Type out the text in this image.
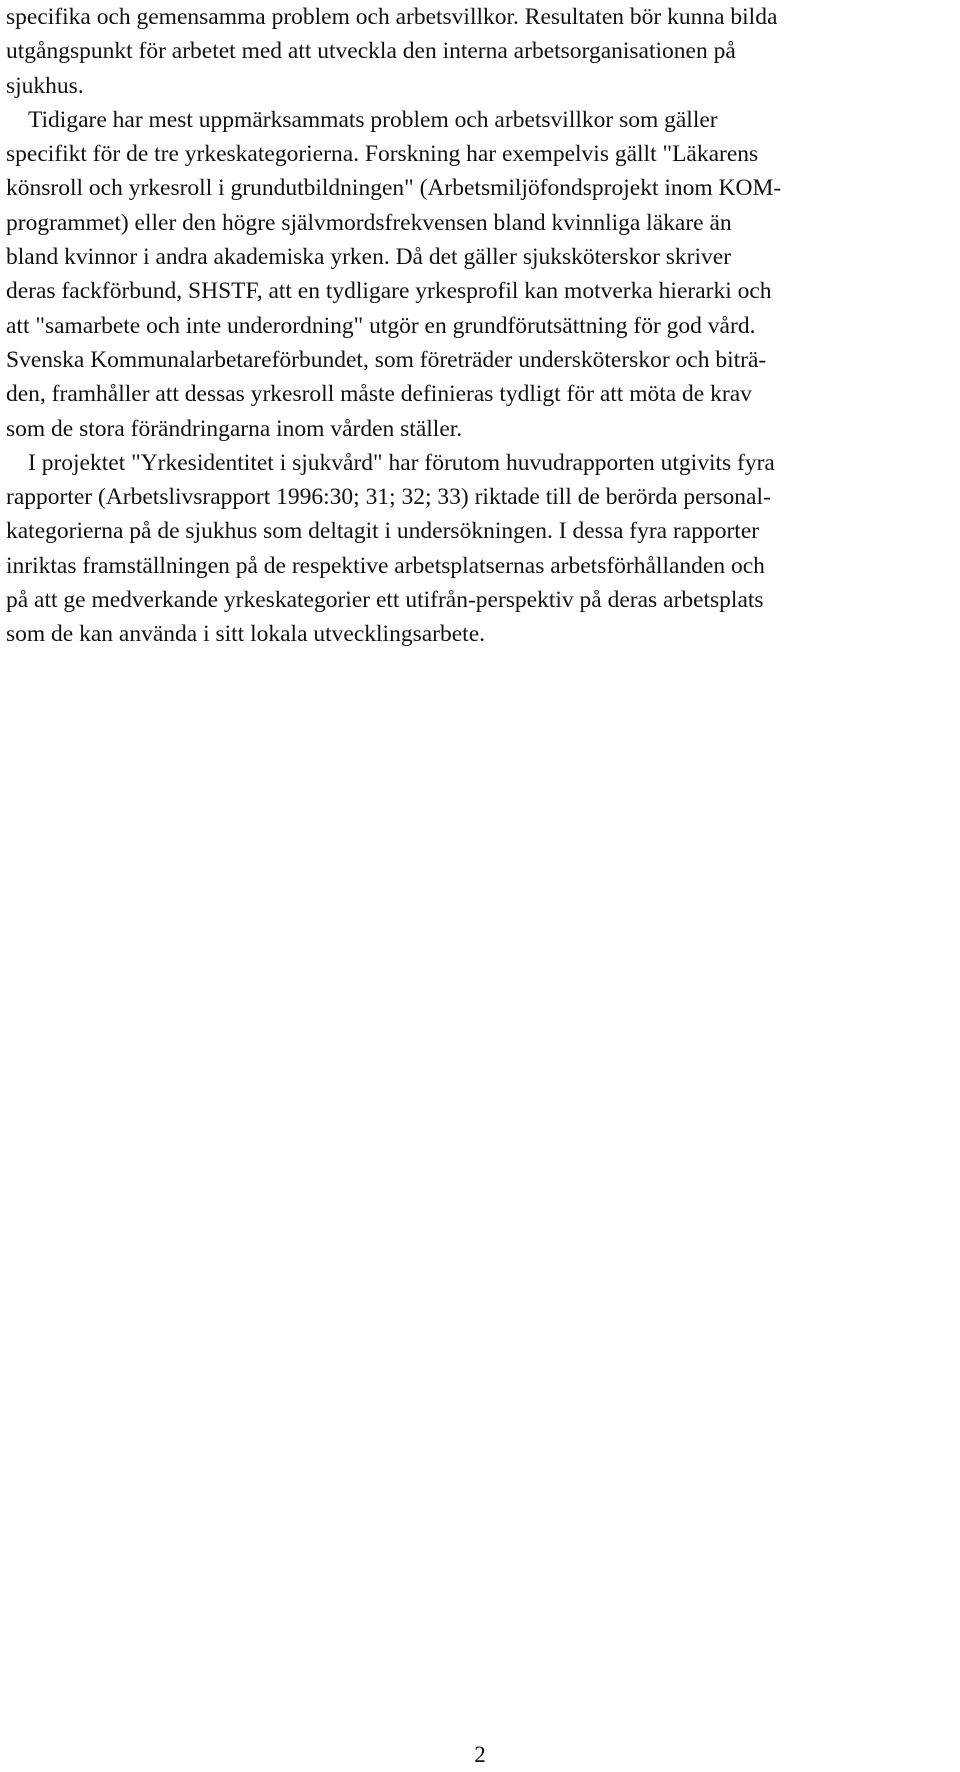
specifika och gemensamma problem och arbetsvillkor. Resultaten bör kunna bilda
utgångspunkt för arbetet med att utveckla den interna arbetsorganisationen på
sjukhus.
Tidigare har mest uppmärksammats problem och arbetsvillkor som gäller
specifikt för de tre yrkeskategorierna. Forskning har exempelvis gällt "Läkarens
könsroll och yrkesroll i grundutbildningen" (Arbetsmiljöfondsprojekt inom KOM-
programmet) eller den högre självmordsfrekvensen bland kvinnliga läkare än
bland kvinnor i andra akademiska yrken. Då det gäller sjuksköterskor skriver
deras fackförbund, SHSTF, att en tydligare yrkesprofil kan motverka hierarki och
att "samarbete och inte underordning" utgör en grundförutsättning för god vård.
Svenska Kommunalarbetareförbundet, som företräder undersköterskor och biträ-
den, framhåller att dessas yrkesroll måste definieras tydligt för att möta de krav
som de stora förändringarna inom vården ställer.
I projektet "Yrkesidentitet i sjukvård" har förutom huvudrapporten utgivits fyra
rapporter (Arbetslivsrapport 1996:30; 31; 32; 33) riktade till de berörda personal-
kategorierna på de sjukhus som deltagit i undersökningen. I dessa fyra rapporter
inriktas framställningen på de respektive arbetsplatsernas arbetsförhållanden och
på att ge medverkande yrkeskategorier ett utifrån-perspektiv på deras arbetsplats
som de kan använda i sitt lokala utvecklingsarbete.
2
